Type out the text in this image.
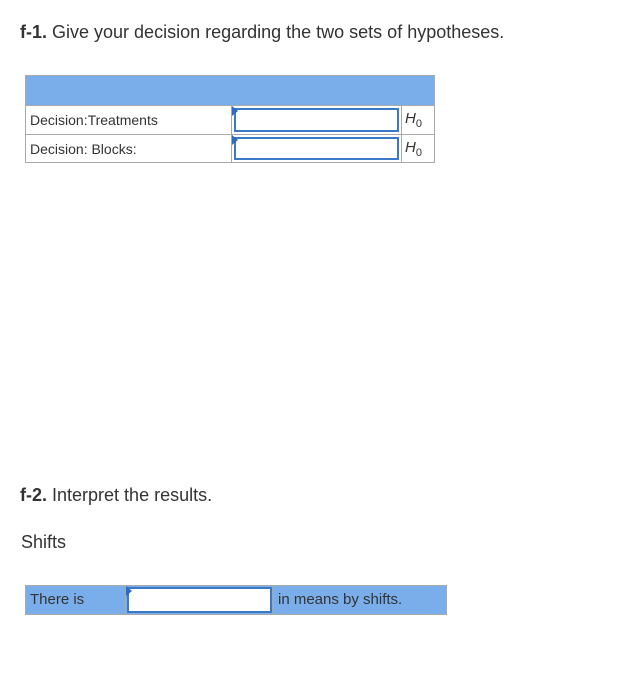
f-1. Give your decision regarding the two sets of hypotheses.
Decision:Treatments	$H_0$
Decision: Blocks:	$H_0$
f-2. Interpret the results.
Shifts
There is	in means by shifts.
